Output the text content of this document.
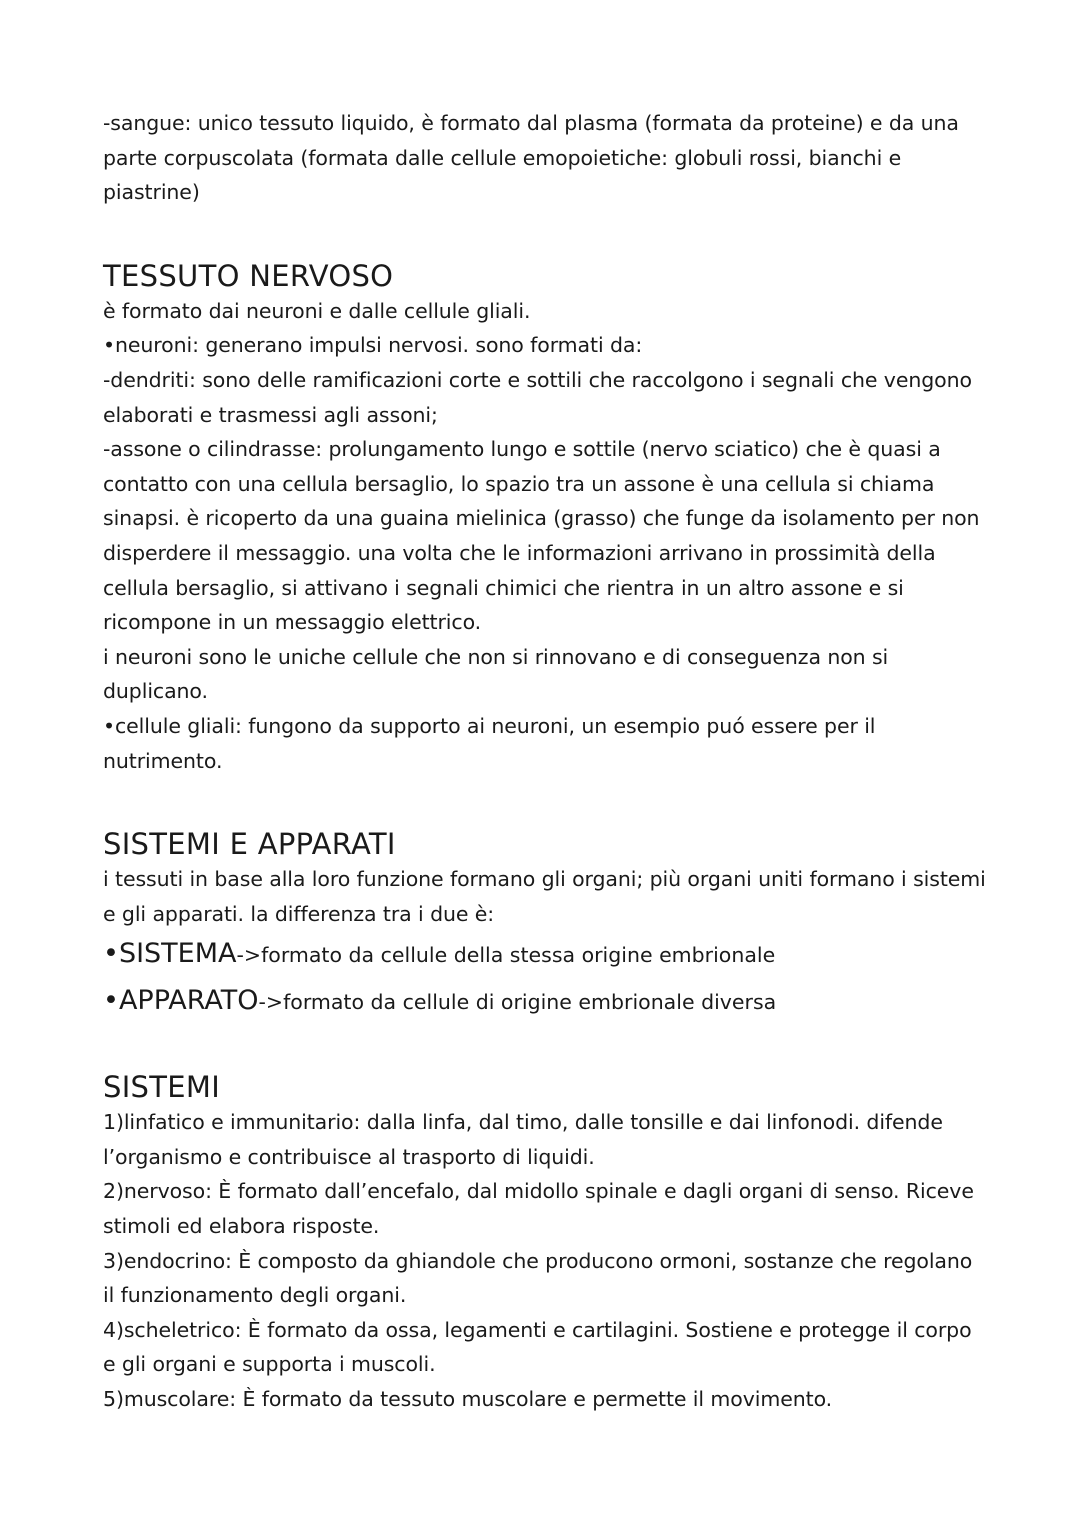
-sangue: unico tessuto liquido, è formato dal plasma (formata da proteine) e da una parte corpuscolata (formata dalle cellule emopoietiche: globuli rossi, bianchi e piastrine)

TESSUTO NERVOSO

è formato dai neuroni e dalle cellule gliali.

•neuroni: generano impulsi nervosi. sono formati da:

-dendriti: sono delle ramificazioni corte e sottili che raccolgono i segnali che vengono elaborati e trasmessi agli assoni;

-assone o cilindrasse: prolungamento lungo e sottile (nervo sciatico) che è quasi a contatto con una cellula bersaglio, lo spazio tra un assone è una cellula si chiama sinapsi. è ricoperto da una guaina mielinica (grasso) che funge da isolamento per non disperdere il messaggio. una volta che le informazioni arrivano in prossimità della cellula bersaglio, si attivano i segnali chimici che rientra in un altro assone e si ricompone in un messaggio elettrico.

i neuroni sono le uniche cellule che non si rinnovano e di conseguenza non si duplicano.

•cellule gliali: fungono da supporto ai neuroni, un esempio puó essere per il nutrimento.

SISTEMI E APPARATI

i tessuti in base alla loro funzione formano gli organi; più organi uniti formano i sistemi e gli apparati. la differenza tra i due è:

•SISTEMA->formato da cellule della stessa origine embrionale

•APPARATO->formato da cellule di origine embrionale diversa

SISTEMI

1)linfatico e immunitario: dalla linfa, dal timo, dalle tonsille e dai linfonodi. difende l’organismo e contribuisce al trasporto di liquidi.

2)nervoso: È formato dall’encefalo, dal midollo spinale e dagli organi di senso. Riceve stimoli ed elabora risposte.

3)endocrino: È composto da ghiandole che producono ormoni, sostanze che regolano il funzionamento degli organi.

4)scheletrico: È formato da ossa, legamenti e cartilagini. Sostiene e protegge il corpo e gli organi e supporta i muscoli.

5)muscolare: È formato da tessuto muscolare e permette il movimento.
